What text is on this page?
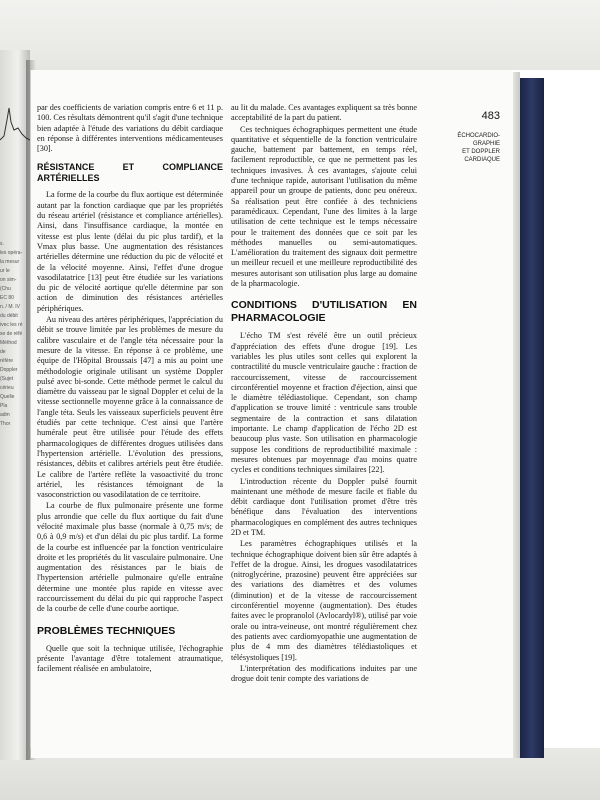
s.
les opéra-
la mesur
ur le
on sim-
(Chu
EC 80
n. / M. IV
du débit
ivec les ré
se de réfé
Méthod
de
référe
Doppler
(Sujet
cérieu
Quelle
Pla
adm
Thor
483
ÉCHOCARDIO-
GRAPHIE
ET DOPPLER
CARDIAQUE

par des coefficients de variation compris entre 6 et 11 p. 100. Ces résultats démontrent qu'il s'agit d'une technique bien adaptée à l'étude des variations du débit cardiaque en réponse à différentes interventions médicamenteuses [30].

RÉSISTANCE ET COMPLIANCE ARTÉRIELLES

La forme de la courbe du flux aortique est déterminée autant par la fonction cardiaque que par les propriétés du réseau artériel (résistance et compliance artérielles). Ainsi, dans l'insuffisance cardiaque, la montée en vitesse est plus lente (délai du pic plus tardif), et la Vmax plus basse. Une augmentation des résistances artérielles détermine une réduction du pic de vélocité et de la vélocité moyenne. Ainsi, l'effet d'une drogue vasodilatatrice [13] peut être étudiée sur les variations du pic de vélocité aortique qu'elle détermine par son action de diminution des résistances artérielles périphériques.

Au niveau des artères périphériques, l'appréciation du débit se trouve limitée par les problèmes de mesure du calibre vasculaire et de l'angle téta nécessaire pour la mesure de la vitesse. En réponse à ce problème, une équipe de l'Hôpital Broussais [47] a mis au point une méthodologie originale utilisant un système Doppler pulsé avec bi-sonde. Cette méthode permet le calcul du diamètre du vaisseau par le signal Doppler et celui de la vitesse sectionnelle moyenne grâce à la connaissance de l'angle téta. Seuls les vaisseaux superficiels peuvent être étudiés par cette technique. C'est ainsi que l'artère humérale peut être utilisée pour l'étude des effets pharmacologiques de différentes drogues utilisées dans l'hypertension artérielle. L'évolution des pressions, résistances, débits et calibres artériels peut être étudiée. Le calibre de l'artère reflète la vasoactivité du tronc artériel, les résistances témoignant de la vasoconstriction ou vasodilatation de ce territoire.

La courbe de flux pulmonaire présente une forme plus arrondie que celle du flux aortique du fait d'une vélocité maximale plus basse (normale à 0,75 m/s; de 0,6 à 0,9 m/s) et d'un délai du pic plus tardif. La forme de la courbe est influencée par la fonction ventriculaire droite et les propriétés du lit vasculaire pulmonaire. Une augmentation des résistances par le biais de l'hypertension artérielle pulmonaire qu'elle entraîne détermine une montée plus rapide en vitesse avec raccourcissement du délai du pic qui rapproche l'aspect de la courbe de celle d'une courbe aortique.

PROBLÈMES TECHNIQUES

Quelle que soit la technique utilisée, l'échographie présente l'avantage d'être totalement atraumatique, facilement réalisée en ambulatoire,

au lit du malade. Ces avantages expliquent sa très bonne acceptabilité de la part du patient.

Ces techniques échographiques permettent une étude quantitative et séquentielle de la fonction ventriculaire gauche, battement par battement, en temps réel, facilement reproductible, ce que ne permettent pas les techniques invasives. À ces avantages, s'ajoute celui d'une technique rapide, autorisant l'utilisation du même appareil pour un groupe de patients, donc peu onéreux. Sa réalisation peut être confiée à des techniciens paramédicaux. Cependant, l'une des limites à la large utilisation de cette technique est le temps nécessaire pour le traitement des données que ce soit par les méthodes manuelles ou semi-automatiques. L'amélioration du traitement des signaux doit permettre un meilleur recueil et une meilleure reproductibilité des mesures autorisant son utilisation plus large au domaine de la pharmacologie.

CONDITIONS D'UTILISATION EN PHARMACOLOGIE

L'écho TM s'est révélé être un outil précieux d'appréciation des effets d'une drogue [19]. Les variables les plus utiles sont celles qui explorent la contractilité du muscle ventriculaire gauche : fraction de raccourcissement, vitesse de raccourcissement circonférentiel moyenne et fraction d'éjection, ainsi que le diamètre télédiastolique. Cependant, son champ d'application se trouve limité : ventricule sans trouble segmentaire de la contraction et sans dilatation importante. Le champ d'application de l'écho 2D est beaucoup plus vaste. Son utilisation en pharmacologie suppose les conditions de reproductibilité maximale : mesures obtenues par moyennage d'au moins quatre cycles et conditions techniques similaires [22].

L'introduction récente du Doppler pulsé fournit maintenant une méthode de mesure facile et fiable du débit cardiaque dont l'utilisation promet d'être très bénéfique dans l'évaluation des interventions pharmacologiques en complément des autres techniques 2D et TM.

Les paramètres échographiques utilisés et la technique échographique doivent bien sûr être adaptés à l'effet de la drogue. Ainsi, les drogues vasodilatatrices (nitroglycérine, prazosine) peuvent être appréciées sur des variations des diamètres et des volumes (diminution) et de la vitesse de raccourcissement circonférentiel moyenne (augmentation). Des études faites avec le propranolol (Avlocardyl®), utilisé par voie orale ou intra-veineuse, ont montré régulièrement chez des patients avec cardiomyopathie une augmentation de plus de 4 mm des diamètres télédiastoliques et télésystoliques [19].

L'interprétation des modifications induites par une drogue doit tenir compte des variations de
